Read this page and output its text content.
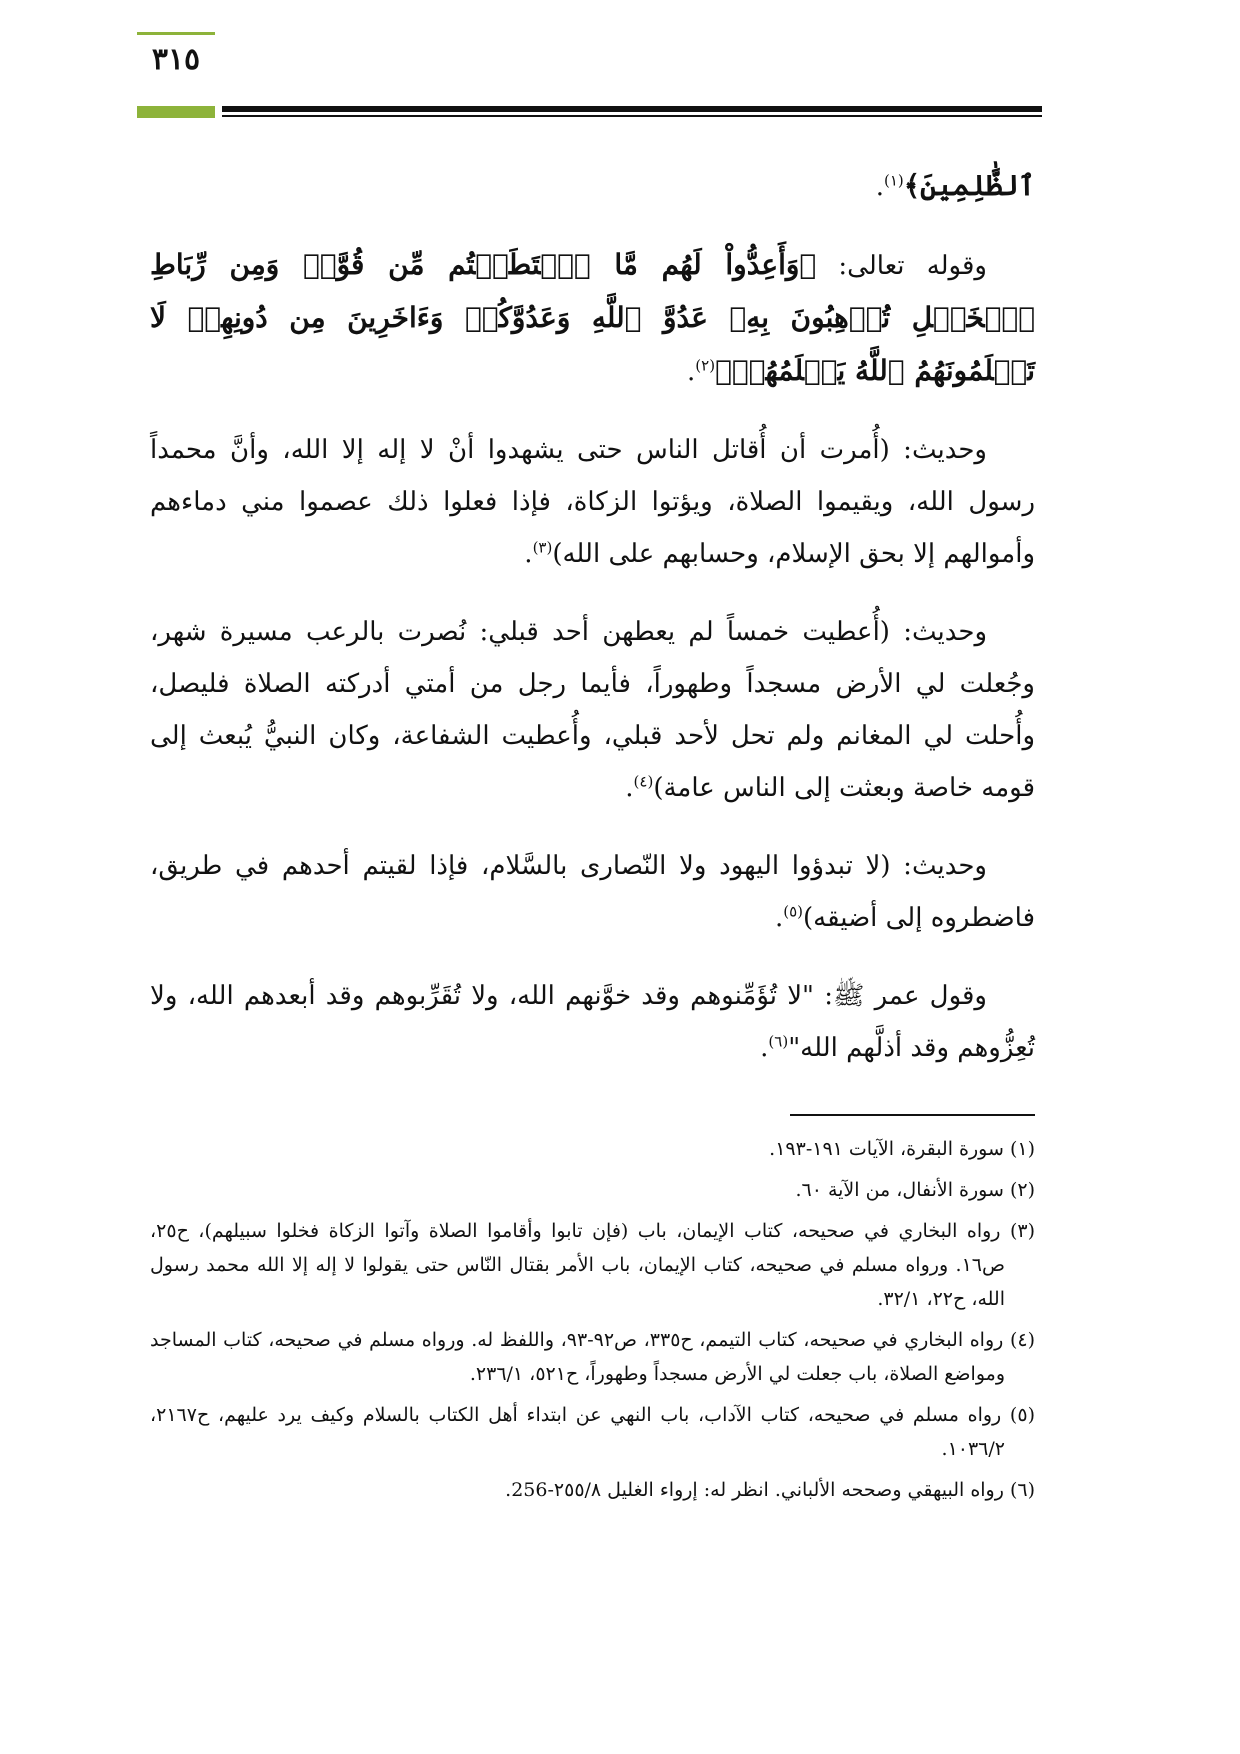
٣١٥

ٱلظَّٰلِمِينَ﴾$^{(١)}$.

وقوله تعالى: ﴿وَأَعِدُّواْ لَهُم مَّا ٱسۡتَطَعۡتُم مِّن قُوَّةٖ وَمِن رِّبَاطِ ٱلۡخَيۡلِ تُرۡهِبُونَ بِهِۦ عَدُوَّ ٱللَّهِ وَعَدُوَّكُمۡ وَءَاخَرِينَ مِن دُونِهِمۡ لَا تَعۡلَمُونَهُمُ ٱللَّهُ يَعۡلَمُهُمۡ﴾$^{(٢)}$.

وحديث: (أُمرت أن أُقاتل الناس حتى يشهدوا أنْ لا إله إلا الله، وأنَّ محمداً رسول الله، ويقيموا الصلاة، ويؤتوا الزكاة، فإذا فعلوا ذلك عصموا مني دماءهم وأموالهم إلا بحق الإسلام، وحسابهم على الله)$^{(٣)}$.

وحديث: (أُعطيت خمساً لم يعطهن أحد قبلي: نُصرت بالرعب مسيرة شهر، وجُعلت لي الأرض مسجداً وطهوراً، فأيما رجل من أمتي أدركته الصلاة فليصل، وأُحلت لي المغانم ولم تحل لأحد قبلي، وأُعطيت الشفاعة، وكان النبيُّ يُبعث إلى قومه خاصة وبعثت إلى الناس عامة)$^{(٤)}$.

وحديث: (لا تبدؤوا اليهود ولا النّصارى بالسَّلام، فإذا لقيتم أحدهم في طريق، فاضطروه إلى أضيقه)$^{(٥)}$.

وقول عمر ﷺ: "لا تُؤَمِّنوهم وقد خوَّنهم الله، ولا تُقَرِّبوهم وقد أبعدهم الله، ولا تُعِزُّوهم وقد أذلَّهم الله"$^{(٦)}$.

(١) سورة البقرة، الآيات ١٩١-١٩٣.
(٢) سورة الأنفال، من الآية ٦٠.
(٣) رواه البخاري في صحيحه، كتاب الإيمان، باب (فإن تابوا وأقاموا الصلاة وآتوا الزكاة فخلوا سبيلهم)، ح٢٥، ص١٦. ورواه مسلم في صحيحه، كتاب الإيمان، باب الأمر بقتال النّاس حتى يقولوا لا إله إلا الله محمد رسول الله، ح٢٢، ٣٢/١.
(٤) رواه البخاري في صحيحه، كتاب التيمم، ح٣٣٥، ص٩٢-٩٣، واللفظ له. ورواه مسلم في صحيحه، كتاب المساجد ومواضع الصلاة، باب جعلت لي الأرض مسجداً وطهوراً، ح٥٢١، ٢٣٦/١.
(٥) رواه مسلم في صحيحه، كتاب الآداب، باب النهي عن ابتداء أهل الكتاب بالسلام وكيف يرد عليهم، ح٢١٦٧، ١٠٣٦/٢.
(٦) رواه البيهقي وصححه الألباني. انظر له: إرواء الغليل ٢٥٥/٨-256.
